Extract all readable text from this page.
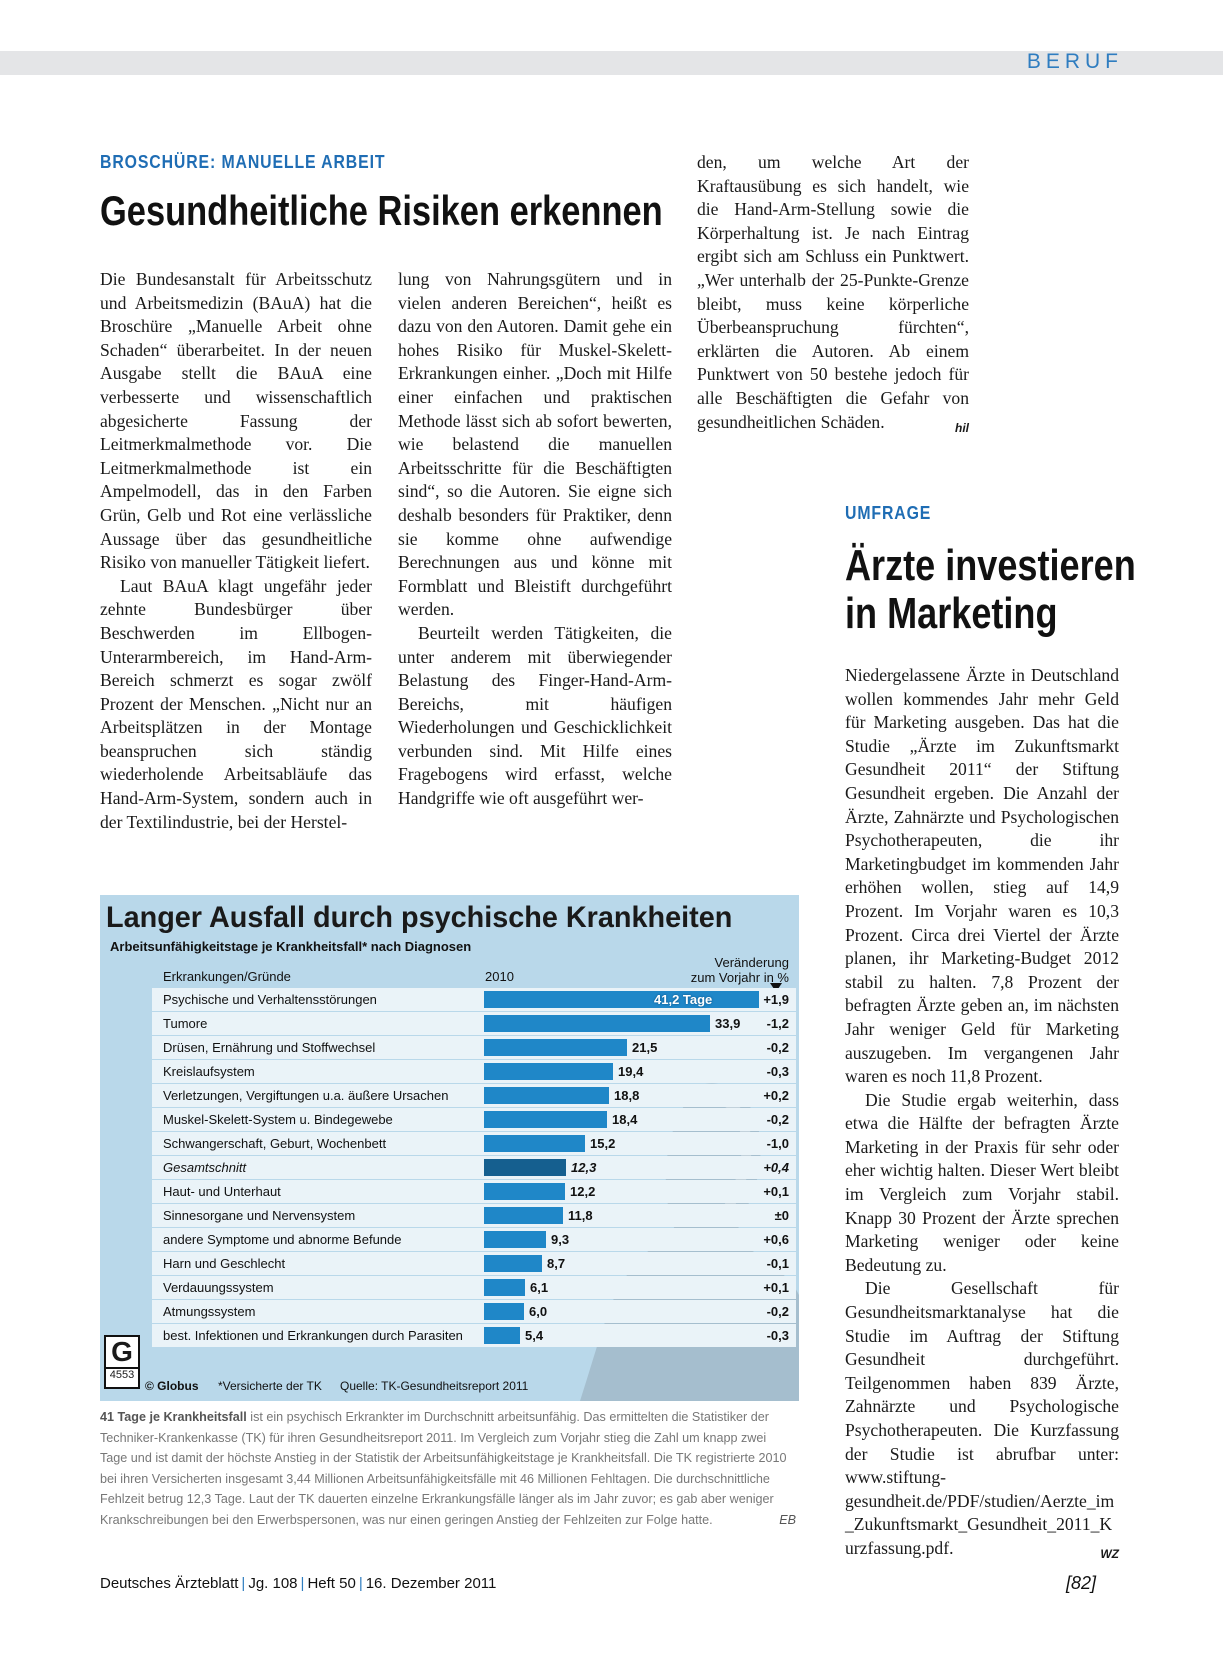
BERUF
BROSCHÜRE: MANUELLE ARBEIT
Gesundheitliche Risiken erkennen

Die Bundesanstalt für Arbeitsschutz und Arbeitsmedizin (BAuA) hat die Broschüre „Manuelle Arbeit ohne Schaden“ überarbeitet. In der neuen Ausgabe stellt die BAuA eine verbesserte und wissenschaftlich abgesicherte Fassung der Leitmerkmalmethode vor. Die Leitmerkmalmethode ist ein Ampelmodell, das in den Farben Grün, Gelb und Rot eine verlässliche Aussage über das gesundheitliche Risiko von manueller Tätigkeit liefert.

Laut BAuA klagt ungefähr jeder zehnte Bundesbürger über Beschwerden im Ellbogen-Unterarmbereich, im Hand-Arm-Bereich schmerzt es sogar zwölf Prozent der Menschen. „Nicht nur an Arbeitsplätzen in der Montage beanspruchen sich ständig wiederholende Arbeitsabläufe das Hand-Arm-System, sondern auch in der Textilindustrie, bei der Herstel-

lung von Nahrungsgütern und in vielen anderen Bereichen“, heißt es dazu von den Autoren. Damit gehe ein hohes Risiko für Muskel-Skelett-Erkrankungen einher. „Doch mit Hilfe einer einfachen und praktischen Methode lässt sich ab sofort bewerten, wie belastend die manuellen Arbeitsschritte für die Beschäftigten sind“, so die Autoren. Sie eigne sich deshalb besonders für Praktiker, denn sie komme ohne aufwendige Berechnungen aus und könne mit Formblatt und Bleistift durchgeführt werden.

Beurteilt werden Tätigkeiten, die unter anderem mit überwiegender Belastung des Finger-Hand-Arm-Bereichs, mit häufigen Wiederholungen und Geschicklichkeit verbunden sind. Mit Hilfe eines Fragebogens wird erfasst, welche Handgriffe wie oft ausgeführt wer-

den, um welche Art der Kraftausübung es sich handelt, wie die Hand-Arm-Stellung sowie die Körperhaltung ist. Je nach Eintrag ergibt sich am Schluss ein Punktwert. „Wer unterhalb der 25-Punkte-Grenze bleibt, muss keine körperliche Überbeanspruchung fürchten“, erklärten die Autoren. Ab einem Punktwert von 50 bestehe jedoch für alle Beschäftigten die Gefahr von gesundheitlichen Schäden.	hil

UMFRAGE
Ärzte investieren
in Marketing

Niedergelassene Ärzte in Deutschland wollen kommendes Jahr mehr Geld für Marketing ausgeben. Das hat die Studie „Ärzte im Zukunftsmarkt Gesundheit 2011“ der Stiftung Gesundheit ergeben. Die Anzahl der Ärzte, Zahnärzte und Psychologischen Psychotherapeuten, die ihr Marketingbudget im kommenden Jahr erhöhen wollen, stieg auf 14,9 Prozent. Im Vorjahr waren es 10,3 Prozent. Circa drei Viertel der Ärzte planen, ihr Marketing-Budget 2012 stabil zu halten. 7,8 Prozent der befragten Ärzte geben an, im nächsten Jahr weniger Geld für Marketing auszugeben. Im vergangenen Jahr waren es noch 11,8 Prozent.

Die Studie ergab weiterhin, dass etwa die Hälfte der befragten Ärzte Marketing in der Praxis für sehr oder eher wichtig halten. Dieser Wert bleibt im Vergleich zum Vorjahr stabil. Knapp 30 Prozent der Ärzte sprechen Marketing weniger oder keine Bedeutung zu.

Die Gesellschaft für Gesundheitsmarktanalyse hat die Studie im Auftrag der Stiftung Gesundheit durchgeführt. Teilgenommen haben 839 Ärzte, Zahnärzte und Psychologische Psychotherapeuten. Die Kurzfassung der Studie ist abrufbar unter: www.stiftung-gesundheit.de/PDF/studien/Aerzte_im_Zukunftsmarkt_Gesundheit_2011_Kurzfassung.pdf.	WZ

Langer Ausfall durch psychische Krankheiten
Arbeitsunfähigkeitstage je Krankheitsfall* nach Diagnosen
Erkrankungen/Gründe	2010
Veränderung
zum Vorjahr in %
Psychische und Verhaltensstörungen	41,2 Tage	+1,9
Tumore	33,9	-1,2
Drüsen, Ernährung und Stoffwechsel	21,5	-0,2
Kreislaufsystem	19,4	-0,3
Verletzungen, Vergiftungen u.a. äußere Ursachen	18,8	+0,2
Muskel-Skelett-System u. Bindegewebe	18,4	-0,2
Schwangerschaft, Geburt, Wochenbett	15,2	-1,0
Gesamtschnitt	12,3	+0,4
Haut- und Unterhaut	12,2	+0,1
Sinnesorgane und Nervensystem	11,8	±0
andere Symptome und abnorme Befunde	9,3	+0,6
Harn und Geschlecht	8,7	-0,1
Verdauungssystem	6,1	+0,1
Atmungssystem	6,0	-0,2
best. Infektionen und Erkrankungen durch Parasiten	5,4	-0,3
G
4553
© Globus *Versicherte der TK Quelle: TK-Gesundheitsreport 2011
41 Tage je Krankheitsfall ist ein psychisch Erkrankter im Durchschnitt arbeitsunfähig. Das ermittelten die Statistiker der Techniker-Krankenkasse (TK) für ihren Gesundheitsreport 2011. Im Vergleich zum Vorjahr stieg die Zahl um knapp zwei Tage und ist damit der höchste Anstieg in der Statistik der Arbeitsunfähigkeitstage je Krankheitsfall. Die TK registrierte 2010 bei ihren Versicherten insgesamt 3,44 Millionen Arbeitsunfähigkeitsfälle mit 46 Millionen Fehltagen. Die durchschnittliche Fehlzeit betrug 12,3 Tage. Laut der TK dauerten einzelne Erkrankungsfälle länger als im Jahr zuvor; es gab aber weniger Krankschreibungen bei den Erwerbspersonen, was nur einen geringen Anstieg der Fehlzeiten zur Folge hatte.	EB
Deutsches Ärzteblatt | Jg. 108 | Heft 50 | 16. Dezember 2011	[82]
